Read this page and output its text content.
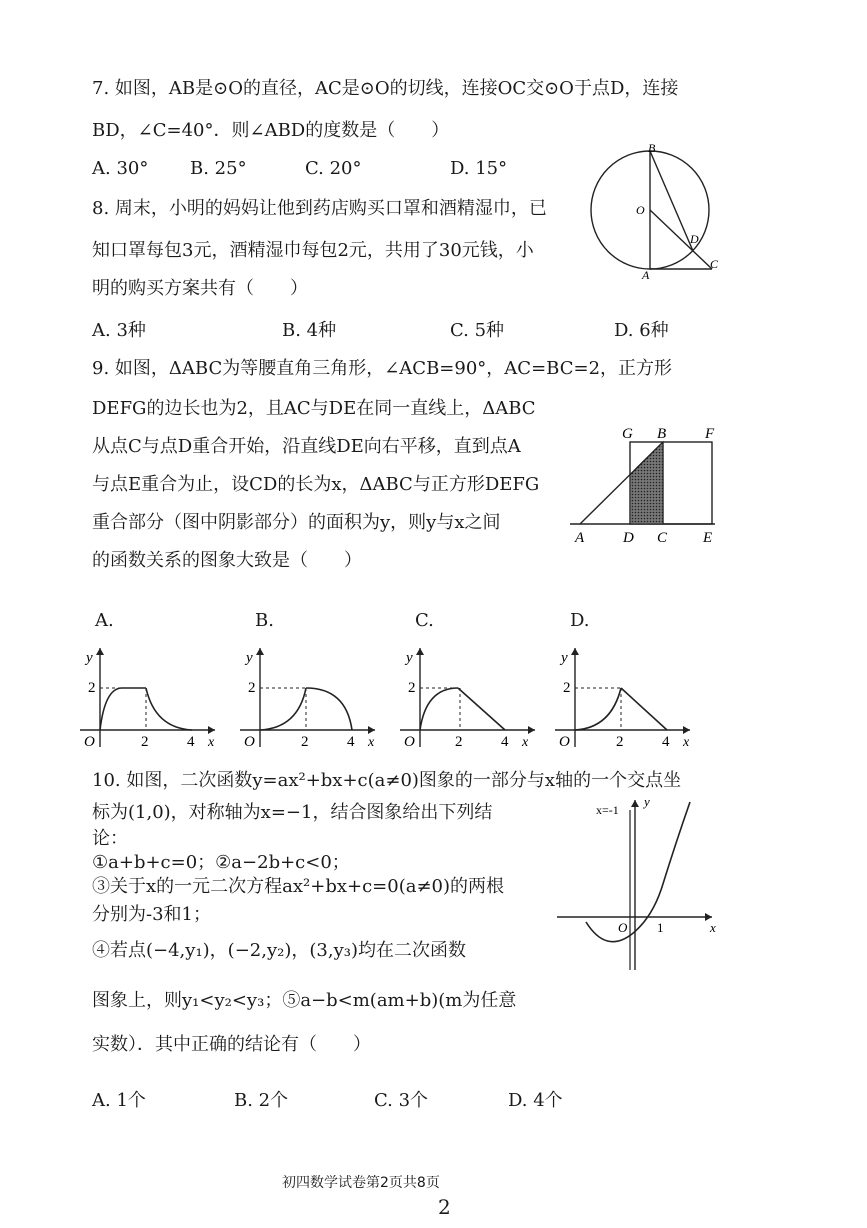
7. 如图，AB是⊙O的直径，AC是⊙O的切线，连接OC交⊙O于点D，连接
BD，∠C=40°．则∠ABD的度数是（　　）
A. 30° B. 25°	C. 20°	D. 15°
B
O
D
A
C
8. 周末，小明的妈妈让他到药店购买口罩和酒精湿巾，已
知口罩每包3元，酒精湿巾每包2元，共用了30元钱，小
明的购买方案共有（　　）
A. 3种	B. 4种	C. 5种	D. 6种
9. 如图，ΔABC为等腰直角三角形，∠ACB=90°，AC=BC=2，正方形
DEFG的边长也为2，且AC与DE在同一直线上，ΔABC
从点C与点D重合开始，沿直线DE向右平移，直到点A
与点E重合为止，设CD的长为x，ΔABC与正方形DEFG
重合部分（图中阴影部分）的面积为y，则y与x之间
的函数关系的图象大致是（　　）
G B	F
A	D C E
A.	B.	C.	D.
y
2
O	2	4 x
y
2
O	2	4 x
y
2
O	2	4 x
y
2
O	2	4 x
10. 如图，二次函数y=ax²+bx+c(a≠0)图象的一部分与x轴的一个交点坐
标为(1,0)，对称轴为x=−1，结合图象给出下列结
论：
①a+b+c=0；②a−2b+c<0；
③关于x的一元二次方程ax²+bx+c=0(a≠0)的两根
分别为-3和1；
④若点(−4,y₁)，(−2,y₂)，(3,y₃)均在二次函数
图象上，则y₁<y₂<y₃；⑤a−b<m(am+b)(m为任意
实数）．其中正确的结论有（　　）
A. 1个	B. 2个	C. 3个	D. 4个
x=-1
y
O 1	x
初四数学试卷第2页共8页
2
